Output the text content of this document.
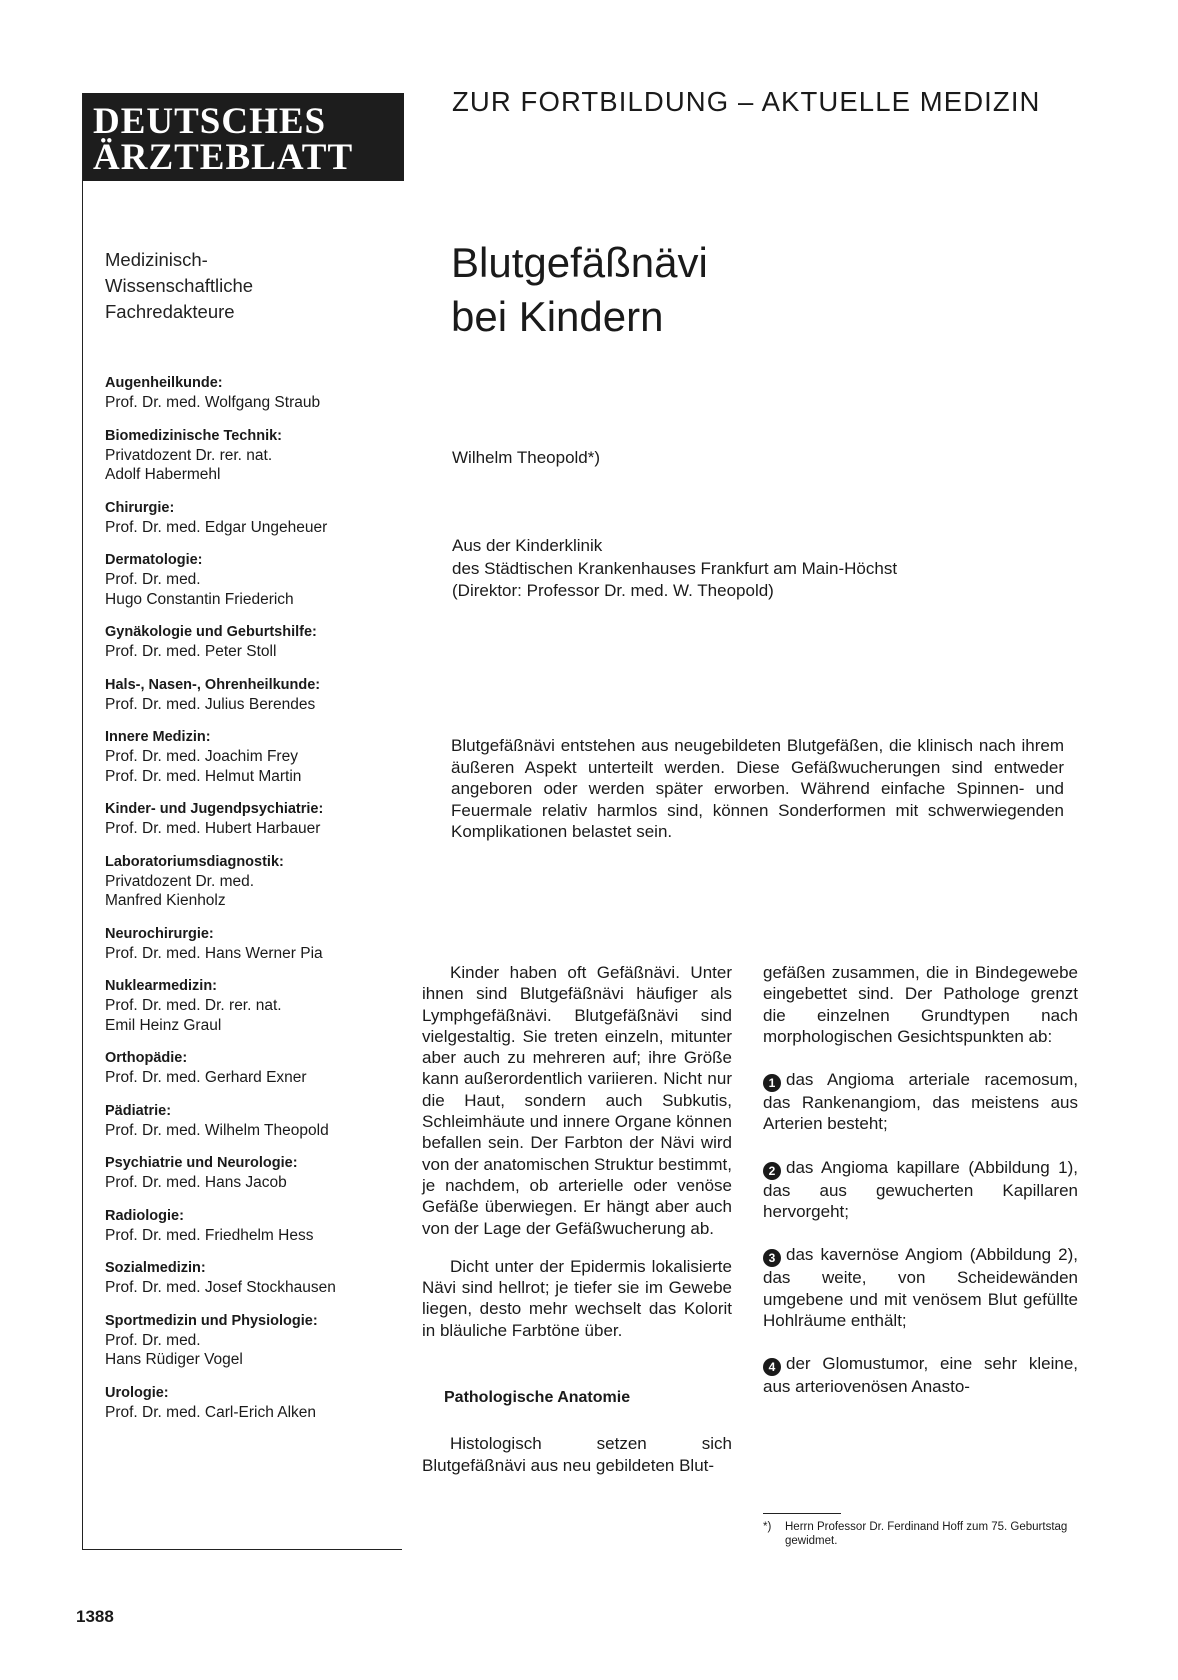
DEUTSCHES
ÄRZTEBLATT
Medizinisch-
Wissenschaftliche
Fachredakteure
Augenheilkunde:
Prof. Dr. med. Wolfgang Straub
Biomedizinische Technik:
Privatdozent Dr. rer. nat.
Adolf Habermehl
Chirurgie:
Prof. Dr. med. Edgar Ungeheuer
Dermatologie:
Prof. Dr. med.
Hugo Constantin Friederich
Gynäkologie und Geburtshilfe:
Prof. Dr. med. Peter Stoll
Hals-, Nasen-, Ohrenheilkunde:
Prof. Dr. med. Julius Berendes
Innere Medizin:
Prof. Dr. med. Joachim Frey
Prof. Dr. med. Helmut Martin
Kinder- und Jugendpsychiatrie:
Prof. Dr. med. Hubert Harbauer
Laboratoriumsdiagnostik:
Privatdozent Dr. med.
Manfred Kienholz
Neurochirurgie:
Prof. Dr. med. Hans Werner Pia
Nuklearmedizin:
Prof. Dr. med. Dr. rer. nat.
Emil Heinz Graul
Orthopädie:
Prof. Dr. med. Gerhard Exner
Pädiatrie:
Prof. Dr. med. Wilhelm Theopold
Psychiatrie und Neurologie:
Prof. Dr. med. Hans Jacob
Radiologie:
Prof. Dr. med. Friedhelm Hess
Sozialmedizin:
Prof. Dr. med. Josef Stockhausen
Sportmedizin und Physiologie:
Prof. Dr. med.
Hans Rüdiger Vogel
Urologie:
Prof. Dr. med. Carl-Erich Alken
1388
ZUR FORTBILDUNG – AKTUELLE MEDIZIN
Blutgefäßnävi
bei Kindern
Wilhelm Theopold*)
Aus der Kinderklinik
des Städtischen Krankenhauses Frankfurt am Main-Höchst
(Direktor: Professor Dr. med. W. Theopold)
Blutgefäßnävi entstehen aus neugebildeten Blutgefäßen, die klinisch nach ihrem äußeren Aspekt unterteilt werden. Diese Gefäßwucherungen sind entweder angeboren oder werden später erworben. Während einfache Spinnen- und Feuermale relativ harmlos sind, können Sonderformen mit schwerwiegenden Komplikationen belastet sein.

Kinder haben oft Gefäßnävi. Unter ihnen sind Blutgefäßnävi häufiger als Lymphgefäßnävi. Blutgefäßnävi sind vielgestaltig. Sie treten einzeln, mitunter aber auch zu mehreren auf; ihre Größe kann außerordentlich variieren. Nicht nur die Haut, sondern auch Subkutis, Schleimhäute und innere Organe können befallen sein. Der Farbton der Nävi wird von der anatomischen Struktur bestimmt, je nachdem, ob arterielle oder venöse Gefäße überwiegen. Er hängt aber auch von der Lage der Gefäßwucherung ab.

Dicht unter der Epidermis lokalisierte Nävi sind hellrot; je tiefer sie im Gewebe liegen, desto mehr wechselt das Kolorit in bläuliche Farbtöne über.

Pathologische Anatomie

Histologisch setzen sich Blutgefäßnävi aus neu gebildeten Blut-

gefäßen zusammen, die in Bindegewebe eingebettet sind. Der Pathologe grenzt die einzelnen Grundtypen nach morphologischen Gesichtspunkten ab:

1 das Angioma arteriale racemosum, das Rankenangiom, das meistens aus Arterien besteht;

2 das Angioma kapillare (Abbildung 1), das aus gewucherten Kapillaren hervorgeht;

3 das kavernöse Angiom (Abbildung 2), das weite, von Scheidewänden umgebene und mit venösem Blut gefüllte Hohlräume enthält;

4 der Glomustumor, eine sehr kleine, aus arteriovenösen Anasto-

*) Herrn Professor Dr. Ferdinand Hoff zum 75. Geburtstag gewidmet.
